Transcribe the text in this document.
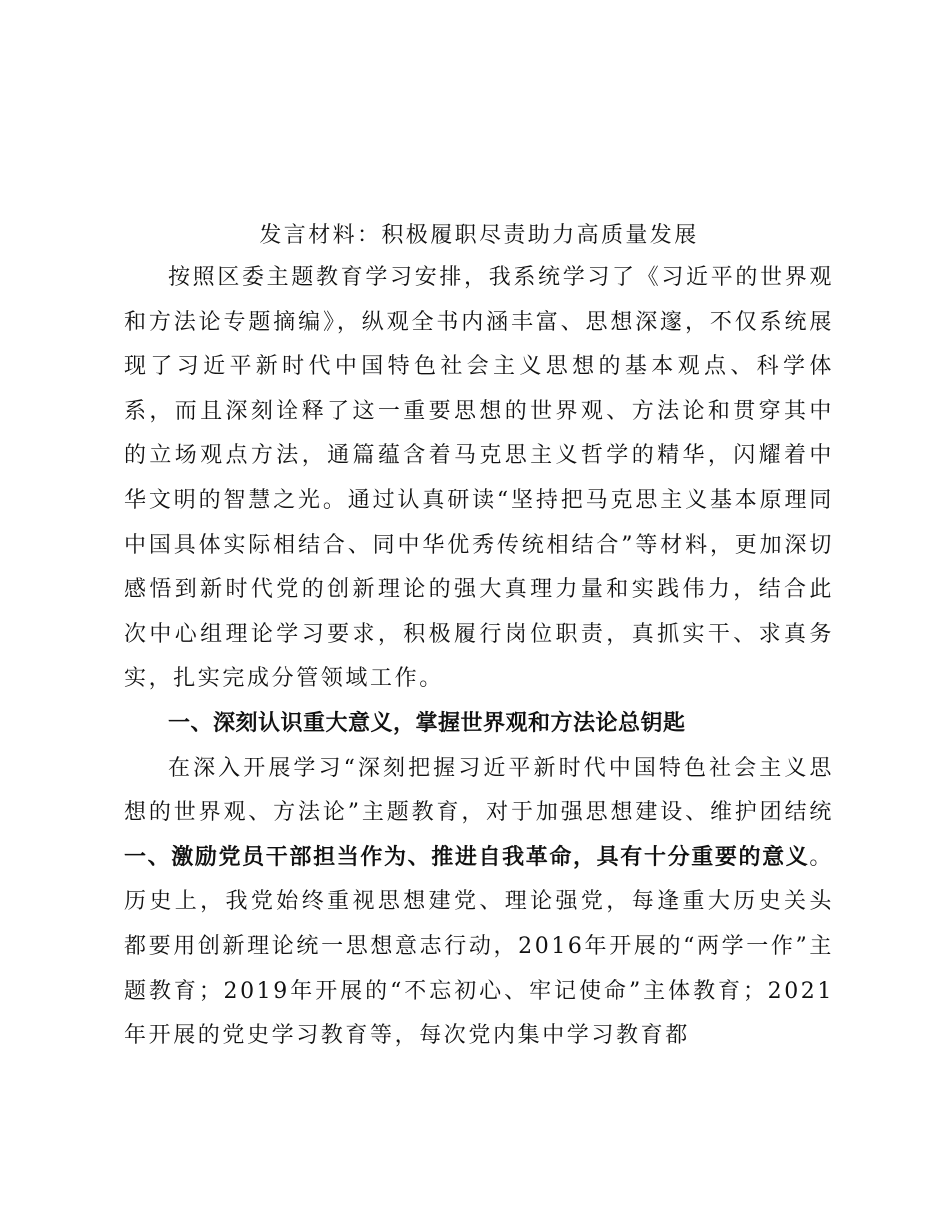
发言材料：积极履职尽责助力高质量发展

按照区委主题教育学习安排，我系统学习了《习近平的世界观和方法论专题摘编》，纵观全书内涵丰富、思想深邃，不仅系统展现了习近平新时代中国特色社会主义思想的基本观点、科学体系，而且深刻诠释了这一重要思想的世界观、方法论和贯穿其中的立场观点方法，通篇蕴含着马克思主义哲学的精华，闪耀着中华文明的智慧之光。通过认真研读“坚持把马克思主义基本原理同中国具体实际相结合、同中华优秀传统相结合”等材料，更加深切感悟到新时代党的创新理论的强大真理力量和实践伟力，结合此次中心组理论学习要求，积极履行岗位职责，真抓实干、求真务实，扎实完成分管领域工作。

一、深刻认识重大意义，掌握世界观和方法论总钥匙

在深入开展学习“深刻把握习近平新时代中国特色社会主义思想的世界观、方法论”主题教育，对于加强思想建设、维护团结统一、激励党员干部担当作为、推进自我革命，具有十分重要的意义。历史上，我党始终重视思想建党、理论强党，每逢重大历史关头都要用创新理论统一思想意志行动，2016年开展的“两学一作”主题教育；2019年开展的“不忘初心、牢记使命”主体教育；2021年开展的党史学习教育等，每次党内集中学习教育都
